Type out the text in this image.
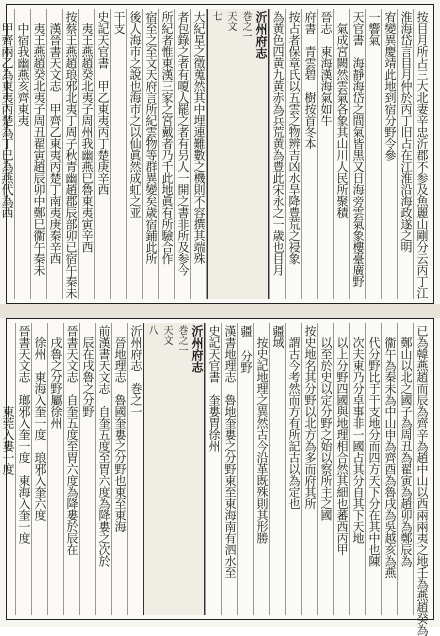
按目月所占三大北妻辛忠沂郡不参及魚麗山剛分云丙丁江
淮海岱言目月仲於丙丁旧占在江淮沿海政遂之明
宥變異慶靖此地到宿分野令參
一響氣
天官書　海靜海岱之間氣皆黒又日海旁雲氣象樓臺廣野
　氣成宮闕然雲氣各象其山川人民所聚積
晉志　東海漢海氣如牛
府書　青雲碧　樹按首冬本
按占者保章氏以五雲之物辨吉凶水旱降豊荒之祲象
為黄色四黄九黄赤為兵荒黄為豊此宋永之一歳也目月
沂州府志
巻之一
天文
七
大紀星之徵蒐然其中埋連難數之機則不容撰其端殊
者包錄之者有嗄人罷之者有叧人一開之書非所及参今
所紀者惟東漢三家之宮戴者乃千此地眞有所驗合作
宿至之至文天府言所紀雲物等群異變矣歳宿鋪此所
後人海市之說也海市之以仙眞然成虹之亚
干支
史記天官書　甲乙東夷丙丁楚庚辛西
　夷王燕趙癸北夷子周州我幽燕巳魯東夷寅辛西
按蔡王燕趙琅邪北夷丁周子秋青幽趙郡辰部卯已宿午秦未
　漢晉書天文志　甲齊乙東夷丙楚丁南夷庚秦辛西
　夷王燕趙癸北夷子周丑翟寅趙辰卯中鄭巳衞午秦未
　中宿我幽燕亥齊東夷
　甲齊兩乙為東夷丙楚為丁巳為燕代為西
已為韓燕趙而辰為齊辛為趙中山以西兩兩夷之地壬為燕趙癸為
　鄭山以北之國子為周丑為翟寅為趙卯為鄭辰為
　衞午為秦未為中山申為齊酉為魯戌為吳越亥為燕
　代分野比于干支地分而四方天下分在其中也陳
　次夫東乃分卓事非一國占其分自其下天地
　以上分野四國與地理相合然其細也蕃西丙甲
　以至於史以定分野之始以察所主之國
按史地名其分野以北方為多而府其所
　謂古今考然而方有所記古以為定也
疆域
　按史記地理之異然古今沿革既殊則其形勝
疆 分野
漢書地理志　魯地奎婁之分野東至東海南有泗水至
史記天官書　奎婁胃徐州
沂州府志
巻之一
天文
八
沂州府志　巻之一
　晉地理志　魯國奎婁之分野也東至東海
前漢書天文志　自奎五度至胃六度為降婁之次於
　辰在戌魯之分野
晉書天文志　自奎五度至胃六度為降婁於辰在
　戌魯之分野屬徐州
　徐州　東海入奎一度　琅邪入奎六度
晉書天文志　瑯邪入奎一度　東海入奎一度
　　　　　　　東莞入婁一度
